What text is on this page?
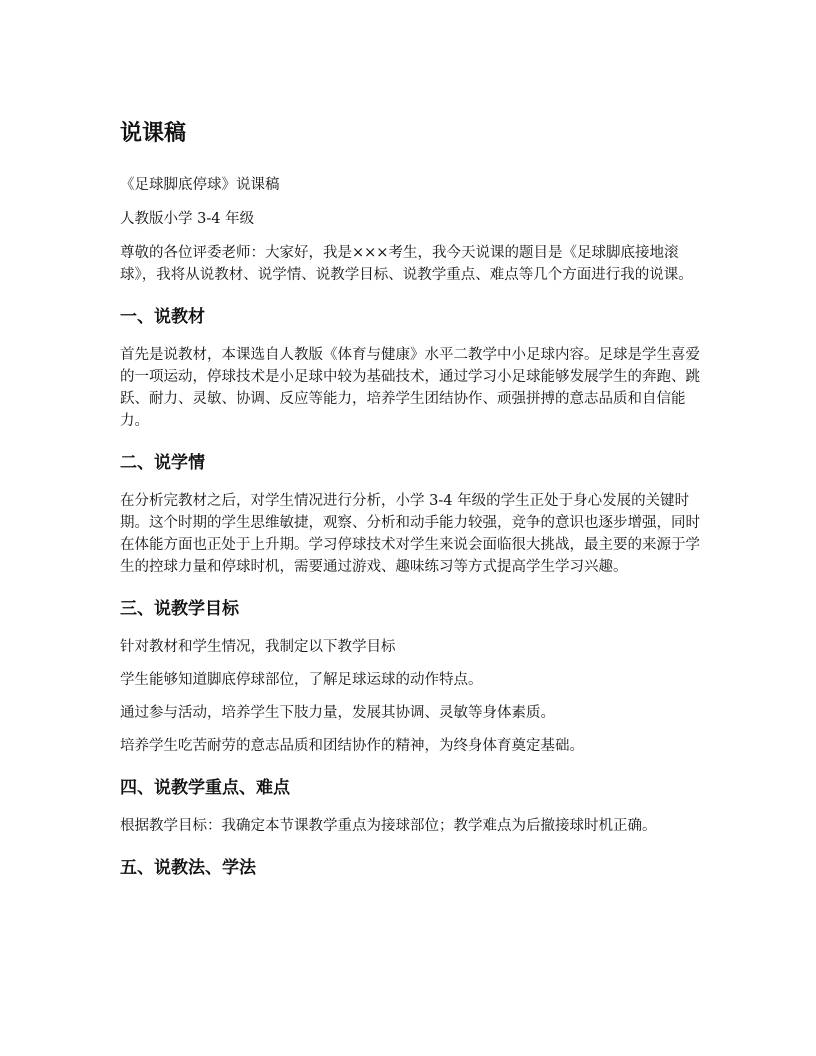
说课稿

《足球脚底停球》说课稿

人教版小学 3-4 年级

尊敬的各位评委老师：大家好，我是×××考生，我今天说课的题目是《足球脚底接地滚球》，我将从说教材、说学情、说教学目标、说教学重点、难点等几个方面进行我的说课。

一、说教材

首先是说教材，本课选自人教版《体育与健康》水平二教学中小足球内容。足球是学生喜爱的一项运动，停球技术是小足球中较为基础技术，通过学习小足球能够发展学生的奔跑、跳跃、耐力、灵敏、协调、反应等能力，培养学生团结协作、顽强拼搏的意志品质和自信能力。

二、说学情

在分析完教材之后，对学生情况进行分析，小学 3-4 年级的学生正处于身心发展的关键时期。这个时期的学生思维敏捷，观察、分析和动手能力较强，竞争的意识也逐步增强，同时在体能方面也正处于上升期。学习停球技术对学生来说会面临很大挑战，最主要的来源于学生的控球力量和停球时机，需要通过游戏、趣味练习等方式提高学生学习兴趣。

三、说教学目标

针对教材和学生情况，我制定以下教学目标

学生能够知道脚底停球部位，了解足球运球的动作特点。

通过参与活动，培养学生下肢力量，发展其协调、灵敏等身体素质。

培养学生吃苦耐劳的意志品质和团结协作的精神，为终身体育奠定基础。

四、说教学重点、难点

根据教学目标：我确定本节课教学重点为接球部位；教学难点为后撤接球时机正确。

五、说教法、学法
